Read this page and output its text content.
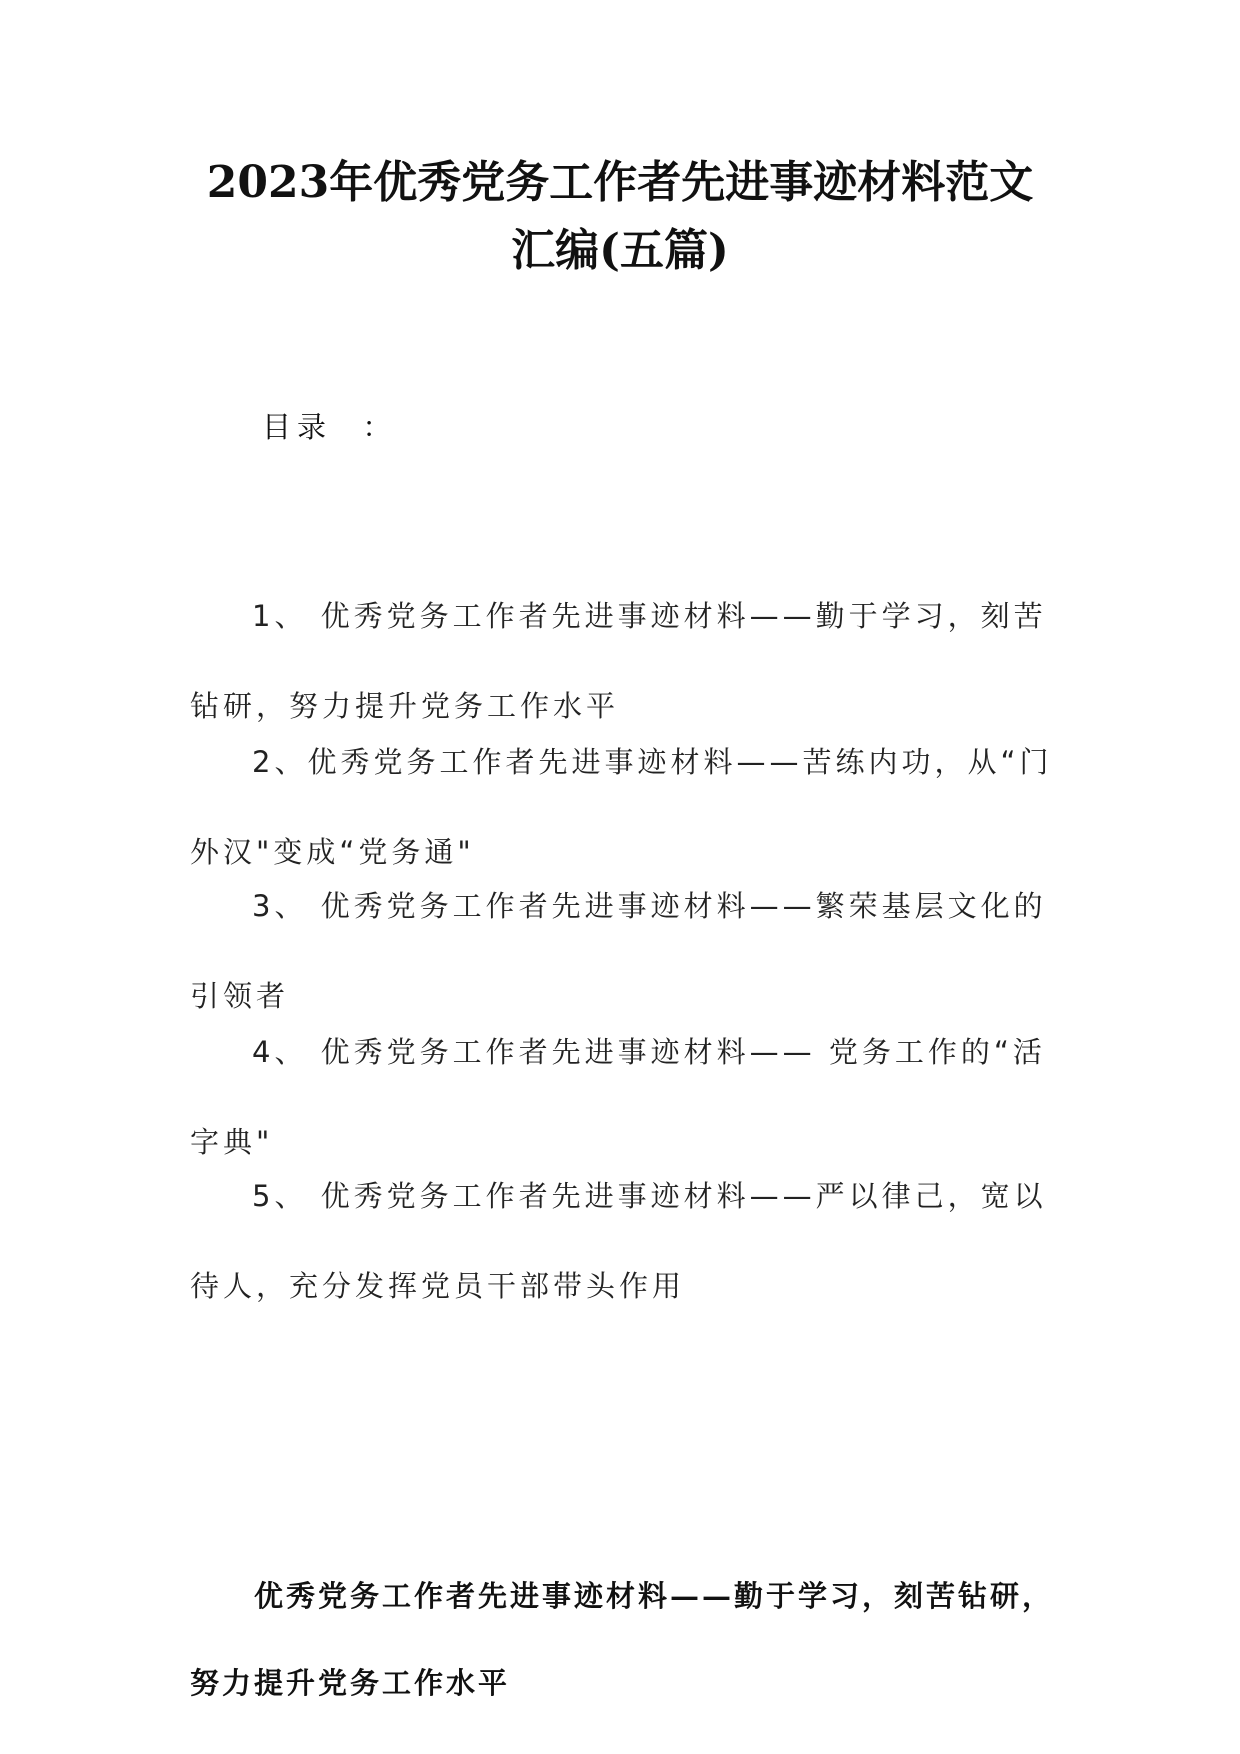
2023年优秀党务工作者先进事迹材料范文
汇编(五篇)
目录  ：
1、 优秀党务工作者先进事迹材料——勤于学习，刻苦
钻研，努力提升党务工作水平
2、优秀党务工作者先进事迹材料——苦练内功，从“门
外汉"变成“党务通"
3、 优秀党务工作者先进事迹材料——繁荣基层文化的
引领者
4、 优秀党务工作者先进事迹材料—— 党务工作的“活
字典"
5、 优秀党务工作者先进事迹材料——严以律己，宽以
待人，充分发挥党员干部带头作用
优秀党务工作者先进事迹材料——勤于学习，刻苦钻研，
努力提升党务工作水平
